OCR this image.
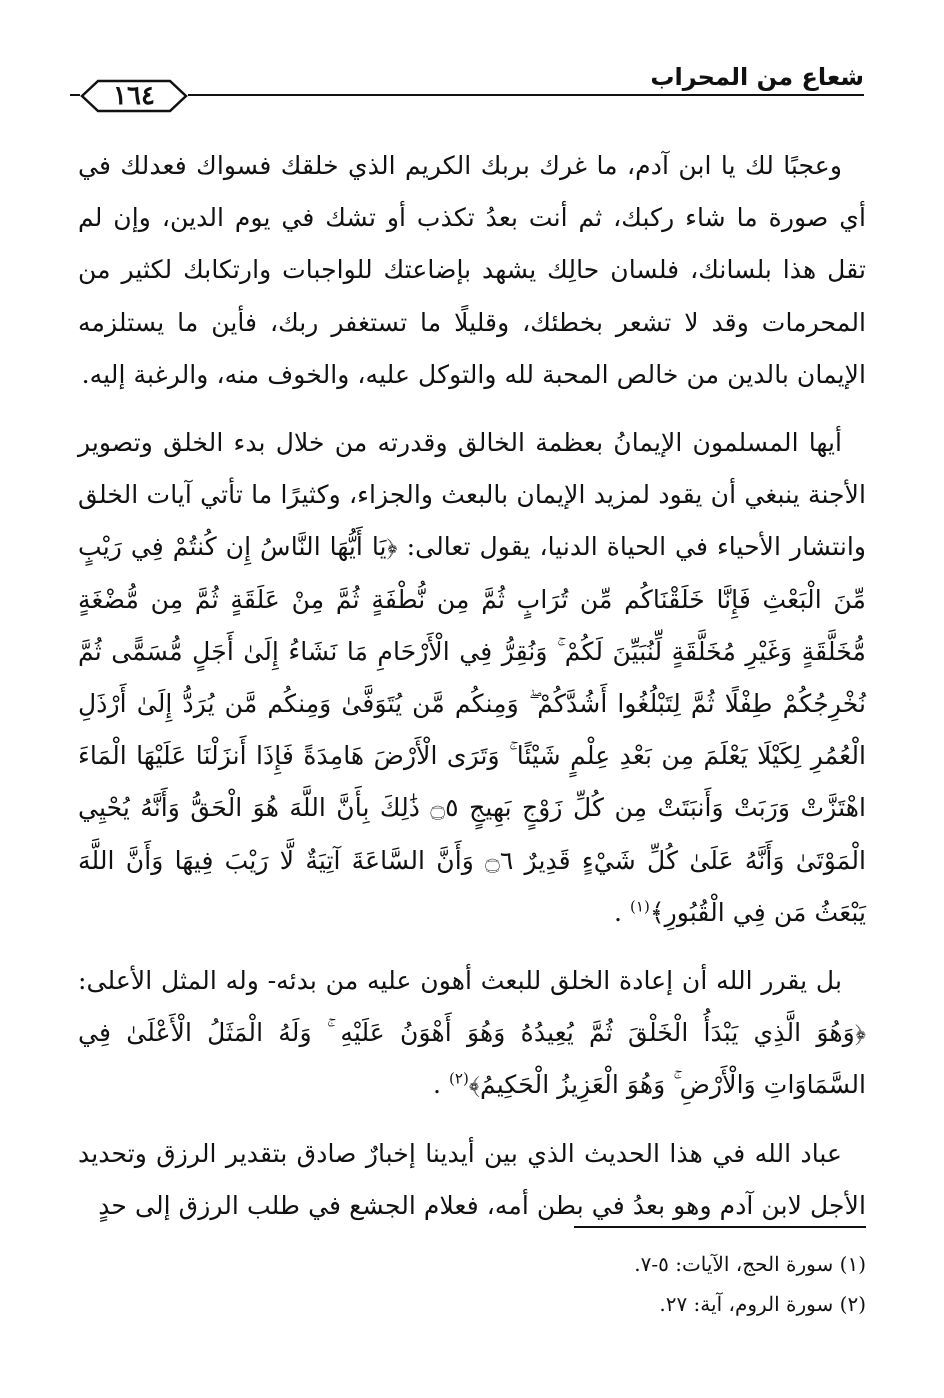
شعاع من المحراب
١٦٤

وعجبًا لك يا ابن آدم، ما غرك بربك الكريم الذي خلقك فسواك فعدلك في أي صورة ما شاء ركبك، ثم أنت بعدُ تكذب أو تشك في يوم الدين، وإن لم تقل هذا بلسانك، فلسان حالِك يشهد بإضاعتك للواجبات وارتكابك لكثير من المحرمات وقد لا تشعر بخطئك، وقليلًا ما تستغفر ربك، فأين ما يستلزمه الإيمان بالدين من خالص المحبة لله والتوكل عليه، والخوف منه، والرغبة إليه.

أيها المسلمون الإيمانُ بعظمة الخالق وقدرته من خلال بدء الخلق وتصوير الأجنة ينبغي أن يقود لمزيد الإيمان بالبعث والجزاء، وكثيرًا ما تأتي آيات الخلق وانتشار الأحياء في الحياة الدنيا، يقول تعالى: ﴿يَا أَيُّهَا النَّاسُ إِن كُنتُمْ فِي رَيْبٍ مِّنَ الْبَعْثِ فَإِنَّا خَلَقْنَاكُم مِّن تُرَابٍ ثُمَّ مِن نُّطْفَةٍ ثُمَّ مِنْ عَلَقَةٍ ثُمَّ مِن مُّضْغَةٍ مُّخَلَّقَةٍ وَغَيْرِ مُخَلَّقَةٍ لِّنُبَيِّنَ لَكُمْ ۚ وَنُقِرُّ فِي الْأَرْحَامِ مَا نَشَاءُ إِلَىٰ أَجَلٍ مُّسَمًّى ثُمَّ نُخْرِجُكُمْ طِفْلًا ثُمَّ لِتَبْلُغُوا أَشُدَّكُمْ ۖ وَمِنكُم مَّن يُتَوَفَّىٰ وَمِنكُم مَّن يُرَدُّ إِلَىٰ أَرْذَلِ الْعُمُرِ لِكَيْلَا يَعْلَمَ مِن بَعْدِ عِلْمٍ شَيْئًا ۚ وَتَرَى الْأَرْضَ هَامِدَةً فَإِذَا أَنزَلْنَا عَلَيْهَا الْمَاءَ اهْتَزَّتْ وَرَبَتْ وَأَنبَتَتْ مِن كُلِّ زَوْجٍ بَهِيجٍ ۝٥ ذَٰلِكَ بِأَنَّ اللَّهَ هُوَ الْحَقُّ وَأَنَّهُ يُحْيِي الْمَوْتَىٰ وَأَنَّهُ عَلَىٰ كُلِّ شَيْءٍ قَدِيرٌ ۝٦ وَأَنَّ السَّاعَةَ آتِيَةٌ لَّا رَيْبَ فِيهَا وَأَنَّ اللَّهَ يَبْعَثُ مَن فِي الْقُبُورِ﴾$^{(١)}$ .

بل يقرر الله أن إعادة الخلق للبعث أهون عليه من بدئه- وله المثل الأعلى: ﴿وَهُوَ الَّذِي يَبْدَأُ الْخَلْقَ ثُمَّ يُعِيدُهُ وَهُوَ أَهْوَنُ عَلَيْهِ ۚ وَلَهُ الْمَثَلُ الْأَعْلَىٰ فِي السَّمَاوَاتِ وَالْأَرْضِ ۚ وَهُوَ الْعَزِيزُ الْحَكِيمُ﴾$^{(٢)}$ .

عباد الله في هذا الحديث الذي بين أيدينا إخبارٌ صادق بتقدير الرزق وتحديد الأجل لابن آدم وهو بعدُ في بطن أمه، فعلام الجشع في طلب الرزق إلى حدٍ

(١) سورة الحج، الآيات: ٥-٧.
(٢) سورة الروم، آية: ٢٧.
